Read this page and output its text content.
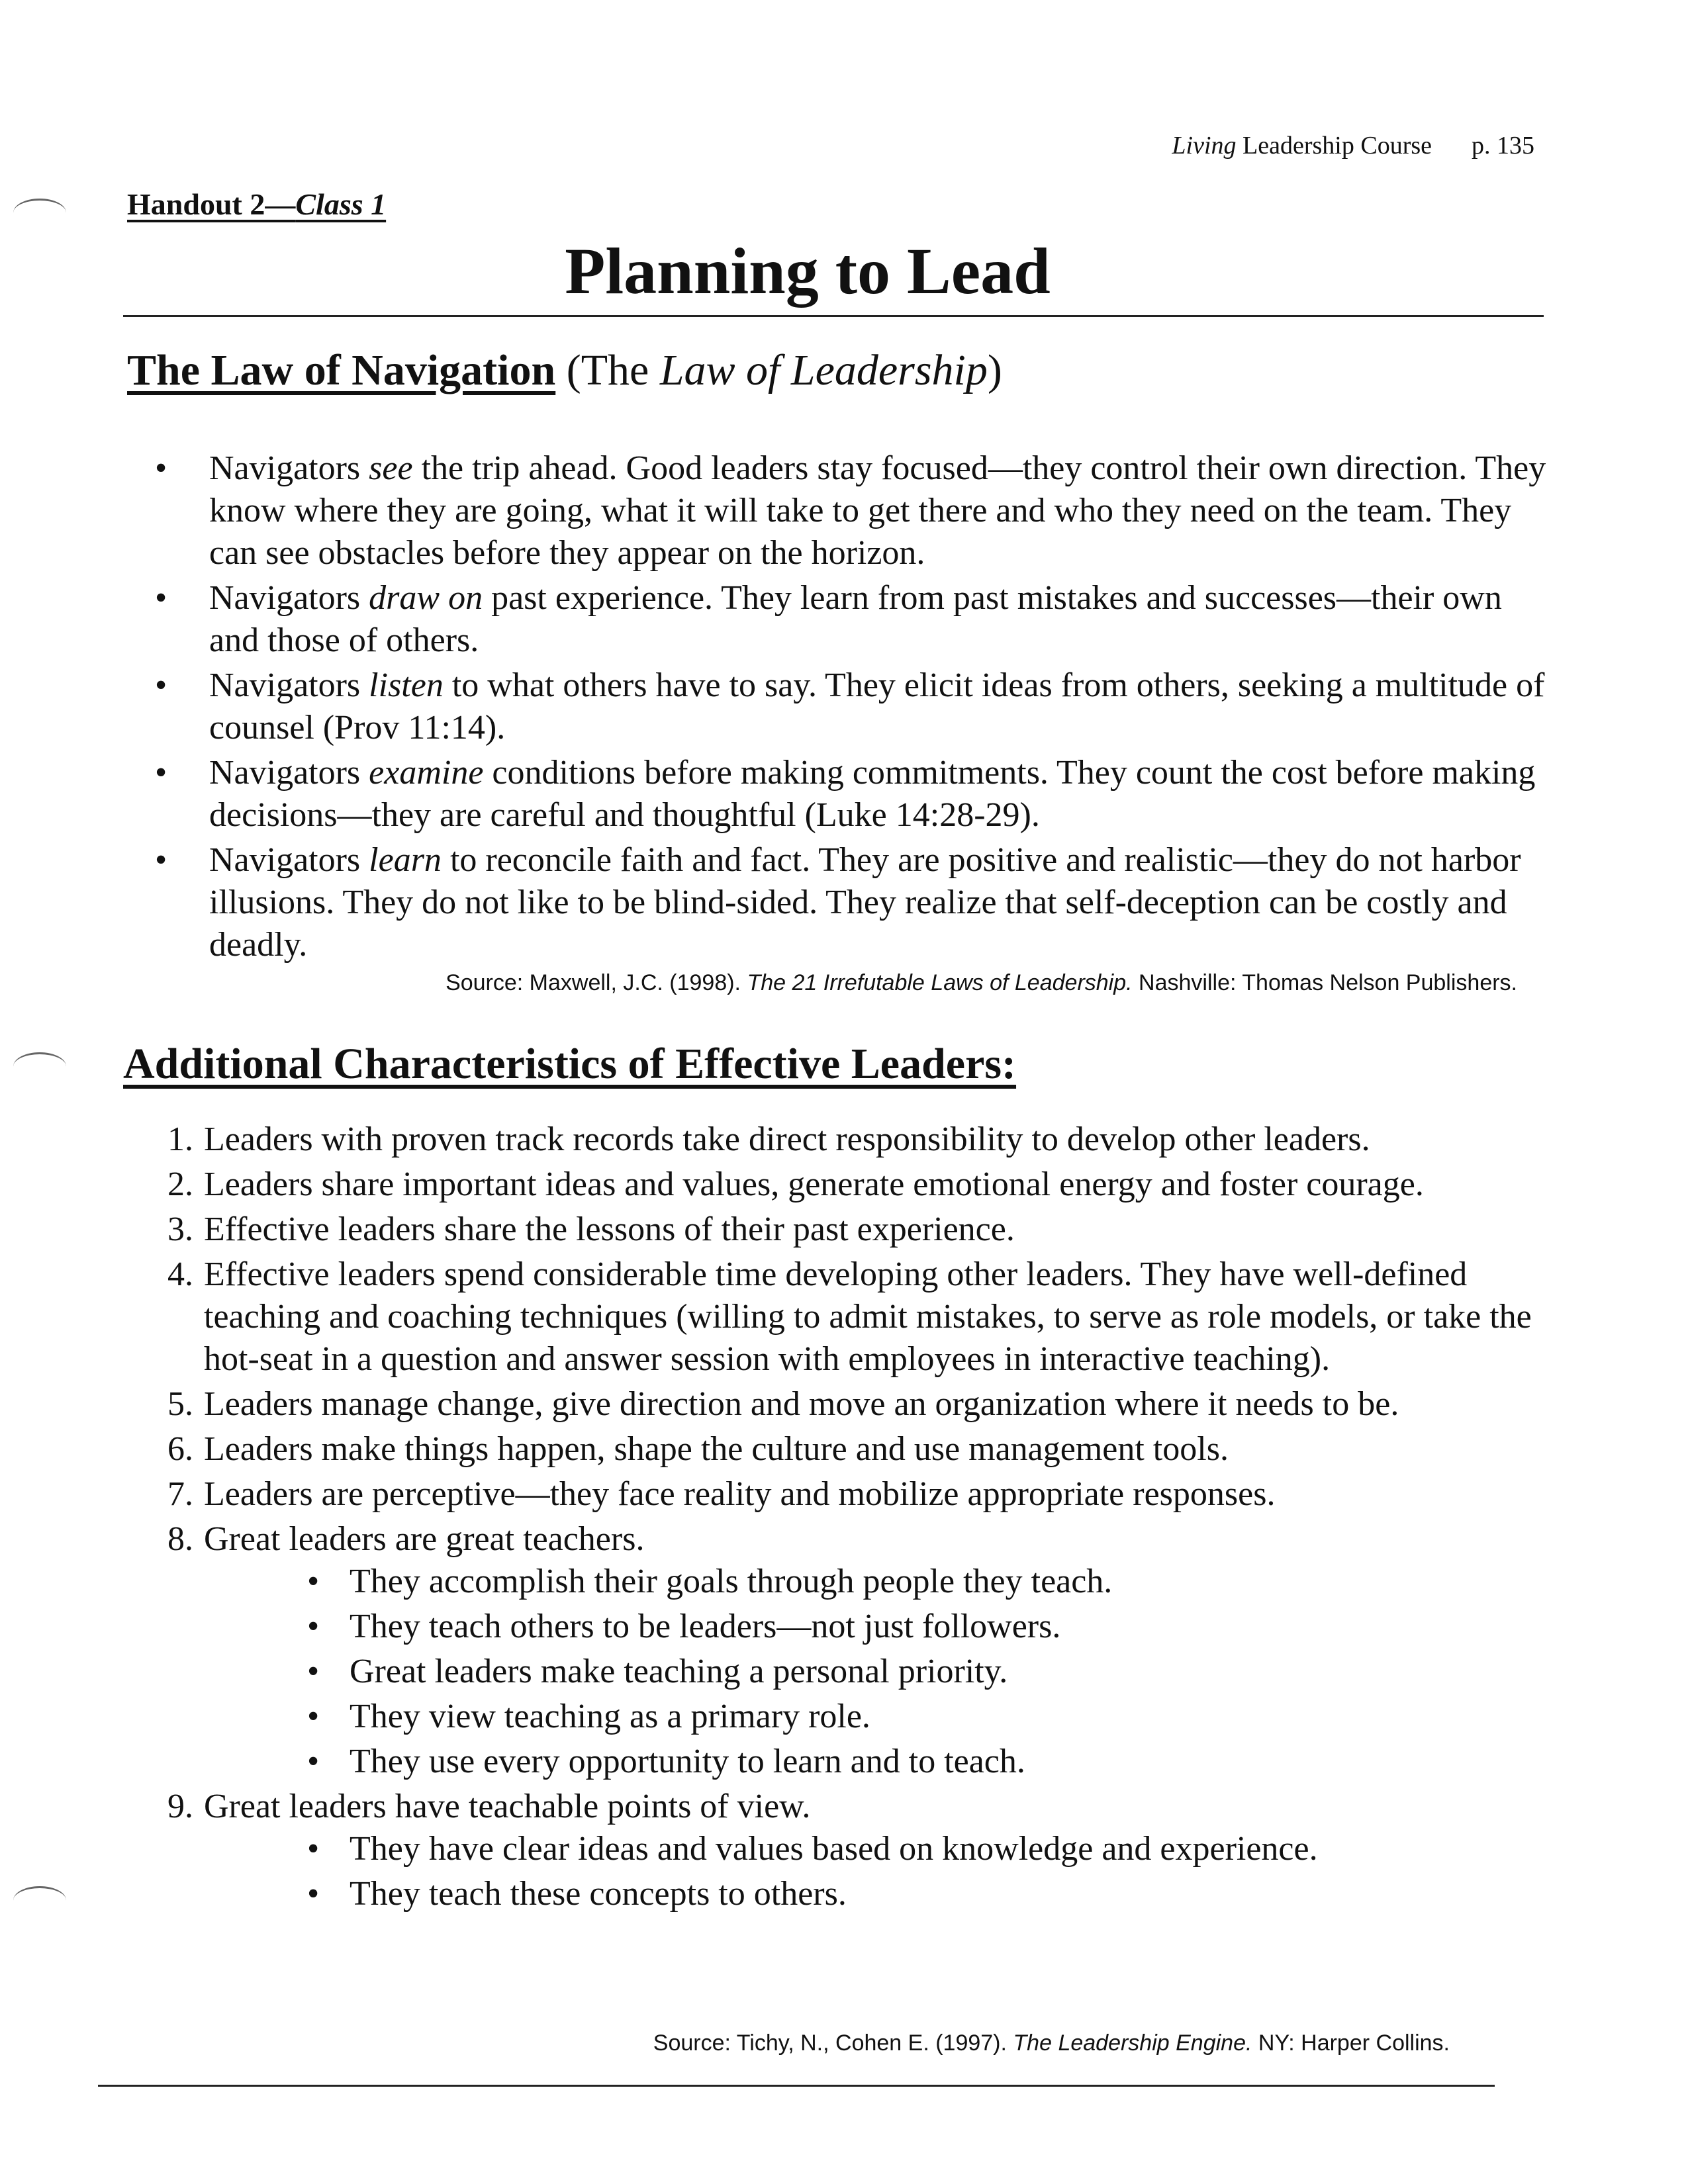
Living Leadership Course p. 135
Handout 2—Class 1
Planning to Lead
The Law of Navigation (The Law of Leadership)
• Navigators see the trip ahead. Good leaders stay focused—they control their own direction. They know where they are going, what it will take to get there and who they need on the team. They can see obstacles before they appear on the horizon.
• Navigators draw on past experience. They learn from past mistakes and successes—their own and those of others.
• Navigators listen to what others have to say. They elicit ideas from others, seeking a multitude of counsel (Prov 11:14).
• Navigators examine conditions before making commitments. They count the cost before making decisions—they are careful and thoughtful (Luke 14:28-29).
• Navigators learn to reconcile faith and fact. They are positive and realistic—they do not harbor illusions. They do not like to be blind-sided. They realize that self-deception can be costly and deadly.
Source: Maxwell, J.C. (1998). The 21 Irrefutable Laws of Leadership. Nashville: Thomas Nelson Publishers.
Additional Characteristics of Effective Leaders:
1. Leaders with proven track records take direct responsibility to develop other leaders.
2. Leaders share important ideas and values, generate emotional energy and foster courage.
3. Effective leaders share the lessons of their past experience.
4. Effective leaders spend considerable time developing other leaders. They have well-defined teaching and coaching techniques (willing to admit mistakes, to serve as role models, or take the hot-seat in a question and answer session with employees in interactive teaching).
5. Leaders manage change, give direction and move an organization where it needs to be.
6. Leaders make things happen, shape the culture and use management tools.
7. Leaders are perceptive—they face reality and mobilize appropriate responses.
8. Great leaders are great teachers.
• They accomplish their goals through people they teach.
• They teach others to be leaders—not just followers.
• Great leaders make teaching a personal priority.
• They view teaching as a primary role.
• They use every opportunity to learn and to teach.
9. Great leaders have teachable points of view.
• They have clear ideas and values based on knowledge and experience.
• They teach these concepts to others.
Source: Tichy, N., Cohen E. (1997). The Leadership Engine. NY: Harper Collins.
